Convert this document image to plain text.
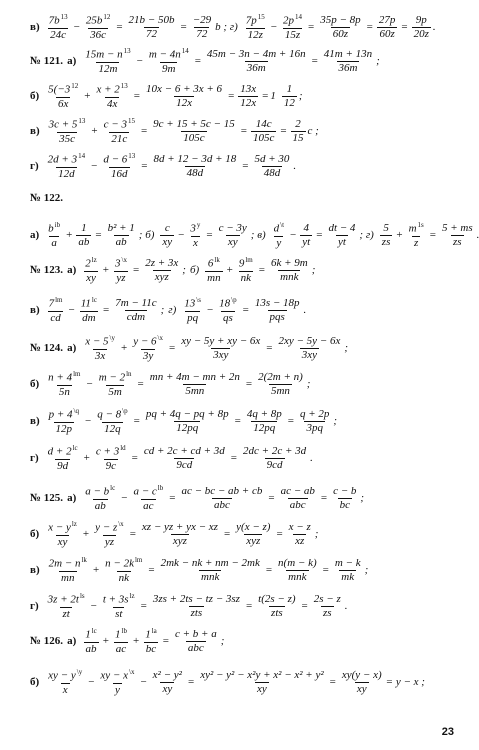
$в) \frac{7b^{13}}{24c} - \frac{25b^{12}}{36c} = \frac{21b - 50b}{72} = \frac{-29}{72}$ b ; $г) \frac{7p^{15}}{12z} - \frac{2p^{14}}{15z} = \frac{35p - 8p}{60z} = \frac{27p}{60z} = \frac{9p}{20z}$ .
№ 121. $а) \frac{15m - n^{13}}{12m} - \frac{m - 4n^{14}}{9m} = \frac{45m - 3n - 4m + 16n}{36m} = \frac{41m + 13n}{36m}$ ;
$б) \frac{5(-3^{12}}{6x} + \frac{x + 2^{13}}{4x} = \frac{10x - 6 + 3x + 6}{12x} = \frac{13x}{12x} = 1 \frac{1}{12}$ ;
$в) \frac{3c + 5^{13}}{35c} + \frac{c - 3^{15}}{21c} = \frac{9c + 15 + 5c - 15}{105c} = \frac{14c}{105c} = \frac{2}{15}$ c ;
$г) \frac{2d + 3^{14}}{12d} - \frac{d - 6^{13}}{16d} = \frac{8d + 12 - 3d + 18}{48d} = \frac{5d + 30}{48d}$ .
№ 122.
$а) \frac{b^{ib}}{a} + \frac{1}{ab} = \frac{\text{b² + 1}}{ab}$ ; $б) \frac{c}{xy} - \frac{3^y}{x} = \frac{c - 3y}{xy}$ ; $в) \frac{d^{\backslash t}}{y} - \frac{4}{yt} = \frac{dt - 4}{yt}$ ; $г) \frac{5}{zs} + \frac{m^{1s}}{z} = \frac{5 + ms}{zs}$
№ 123. $а) \frac{2^{lz}}{xy} + \frac{3^{\backslash x}}{yz} = \frac{2z + 3x}{\text{xyz}}$ ; $б) \frac{6^{lk}}{mn} + \frac{9^{lm}}{nk} = \frac{6k + 9m}{\text{mnk}}$ ;
$в) \frac{7^{lm}}{cd} - \frac{11^{lc}}{dm} = \frac{7m - 11c}{\text{cdm}}$ ; $г) \frac{13^{\backslash s}}{pq} - \frac{18^{\backslash p}}{qs} = \frac{13s - 18p}{\text{pqs}}$ .
№ 124. $а) \frac{x - 5^{\backslash y}}{3x} + \frac{y - 6^{\backslash x}}{3y} = \frac{xy - 5y + xy - 6x}{3xy} = \frac{2xy - 5y - 6x}{3xy}$ ;
$б) \frac{n + 4^{lm}}{5n} - \frac{m - 2^{ln}}{5m} = \frac{mn + 4m - mn + 2n}{5mn} = \frac{2(2m + n)}{5mn}$ ;
$в) \frac{p + 4^{\backslash q}}{12p} - \frac{q - 8^{\backslash p}}{12q} = \frac{pq + 4q - pq + 8p}{12pq} = \frac{4q + 8p}{12pq} = \frac{q + 2p}{3pq}$ ;
$г) \frac{d + 2^{lc}}{9d} + \frac{c + 3^{ld}}{9c} = \frac{cd + 2c + cd + 3d}{9cd} = \frac{2dc + 2c + 3d}{9cd}$ .
№ 125. $а) \frac{a - b^{lc}}{ab} - \frac{a - c^{lb}}{ac} = \frac{ac - bc - ab + cb}{\text{abc}} = \frac{ac - ab}{\text{abc}} = \frac{c - b}{bc}$ ;
$б) \frac{x - y^{lz}}{xy} + \frac{y - z^{\backslash x}}{yz} = \frac{xz - yz + yx - xz}{\text{xyz}} = \frac{y(x - z)}{\text{xyz}} = \frac{x - z}{xz}$ ;
$в) \frac{2m - n^{lk}}{mn} + \frac{n - 2k^{lm}}{nk} = \frac{2mk - nk + nm - 2mk}{\text{mnk}} = \frac{n(m - k)}{\text{mnk}} = \frac{m - k}{mk}$ ;
$г) \frac{3z + 2t^{ls}}{zt} - \frac{t + 3s^{lz}}{st} = \frac{3zs + 2ts - tz - 3sz}{\text{zts}} = \frac{t(2s - z)}{\text{zts}} = \frac{2s - z}{zs}$ .
№ 126. $а) \frac{1^{lc}}{ab} + \frac{1^{lb}}{ac} + \frac{1^{la}}{bc} = \frac{c + b + a}{\text{abc}}$ ;
$б) \frac{xy - y^{\backslash y}}{x} - \frac{xy - x^{\backslash x}}{y} - \frac{\text{x² − y²}}{xy} = \frac{\text{xy² − y² − x²y + x² − x² + y²}}{xy} = \frac{xy(y - x)}{xy} = y - x$ ;
23
